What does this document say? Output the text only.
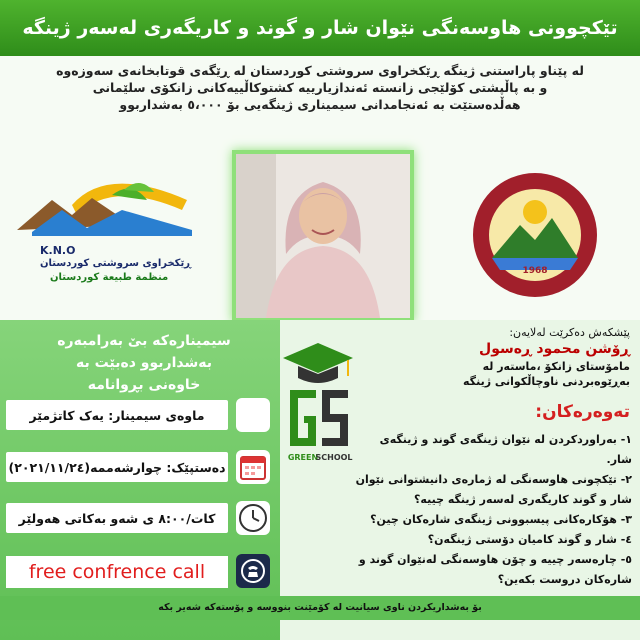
تێکچوونی هاوسەنگی نێوان شار و گوند و کاریگەری لەسەر ژینگە
لە پێناو پاراستنی ژینگە ڕێکخراوی سروشتی کوردستان لە ڕێگەی قوتابخانەی سەوزەوە
و بە پاڵپشتی کۆلێجی زانستە ئەندازیارییە کشتوکاڵییەکانی زانکۆی سلێمانی
هەڵدەستێت بە ئەنجامدانی سیمیناری ژینگەیی بۆ ٥،٠٠٠ بەشداربوو
K.N.O
ڕێکخراوی سروشتی کوردستان
منظمة طبيعة كوردستان
1968
سیمینارەکە بێ بەرامبەرە
بەشداربوو دەبێت بە
خاوەنی بڕوانامە
ماوەی سیمینار: یەک کاتژمێر
دەستپێک: چوارشەممە(٢٠٢١/١١/٢٤)
کات/٨:٠٠ ی شەو بەکاتی هەولێر
free confrence call
بۆ بەشداریکردن ناوی سیانیت لە کۆمێنت بنووسە و پۆستەکە شەیر بکە
GREEN
SCHOOL
پێشکەش دەکرێت لەلایەن:
ڕۆشن محمود ڕەسول
مامۆستای زانکۆ ،ماستەر لە
بەڕێوەبردنی ناوچاڵکوانی ژینگە
تەوەرەکان:
١- بەراوردکردن لە نێوان ژینگەی گوند و ژینگەی شار.
٢- تێکچونی هاوسەنگی لە ژمارەی دانیشتوانی نێوان شار و گوند کاریگەری لەسەر ژینگە چییە؟
٣- هۆکارەکانی پیسبوونی ژینگەی شارەکان چین؟
٤- شار و گوند کامیان دۆستی ژینگەن؟
٥- چارەسەر چییە و چۆن هاوسەنگی لەنێوان گوند و شارەکان دروست بکەین؟
